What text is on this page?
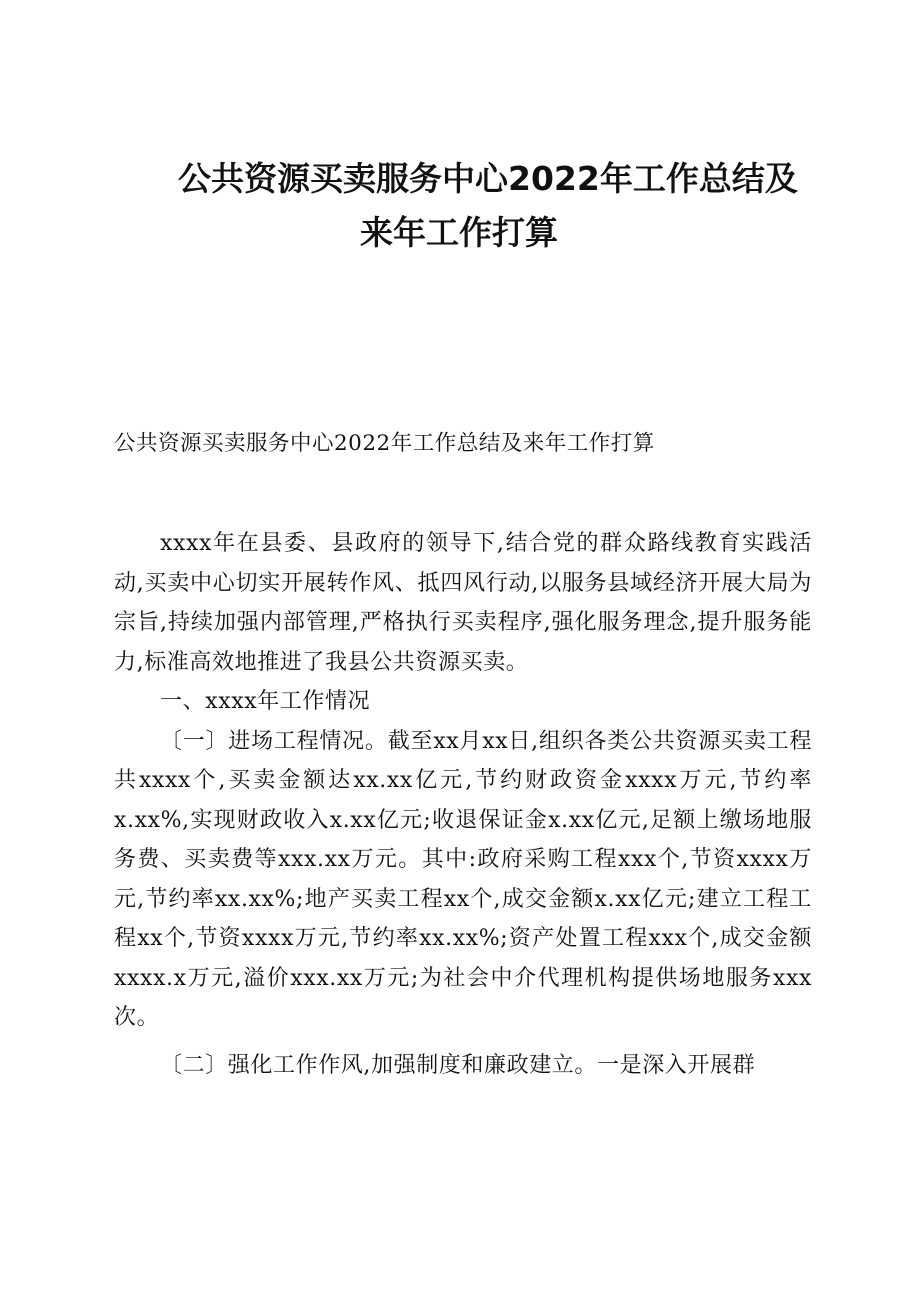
公共资源买卖服务中心2022年工作总结及
来年工作打算

公共资源买卖服务中心2022年工作总结及来年工作打算

xxxx年在县委、县政府的领导下,结合党的群众路线教育实践活动,买卖中心切实开展转作风、抵四风行动,以服务县域经济开展大局为宗旨,持续加强内部管理,严格执行买卖程序,强化服务理念,提升服务能力,标准高效地推进了我县公共资源买卖。

一、xxxx年工作情况

〔一〕进场工程情况。截至xx月xx日,组织各类公共资源买卖工程共xxxx个,买卖金额达xx.xx亿元,节约财政资金xxxx万元,节约率x.xx%,实现财政收入x.xx亿元;收退保证金x.xx亿元,足额上缴场地服务费、买卖费等xxx.xx万元。其中:政府采购工程xxx个,节资xxxx万元,节约率xx.xx%;地产买卖工程xx个,成交金额x.xx亿元;建立工程工程xx个,节资xxxx万元,节约率xx.xx%;资产处置工程xxx个,成交金额xxxx.x万元,溢价xxx.xx万元;为社会中介代理机构提供场地服务xxx次。

〔二〕强化工作作风,加强制度和廉政建立。一是深入开展群
